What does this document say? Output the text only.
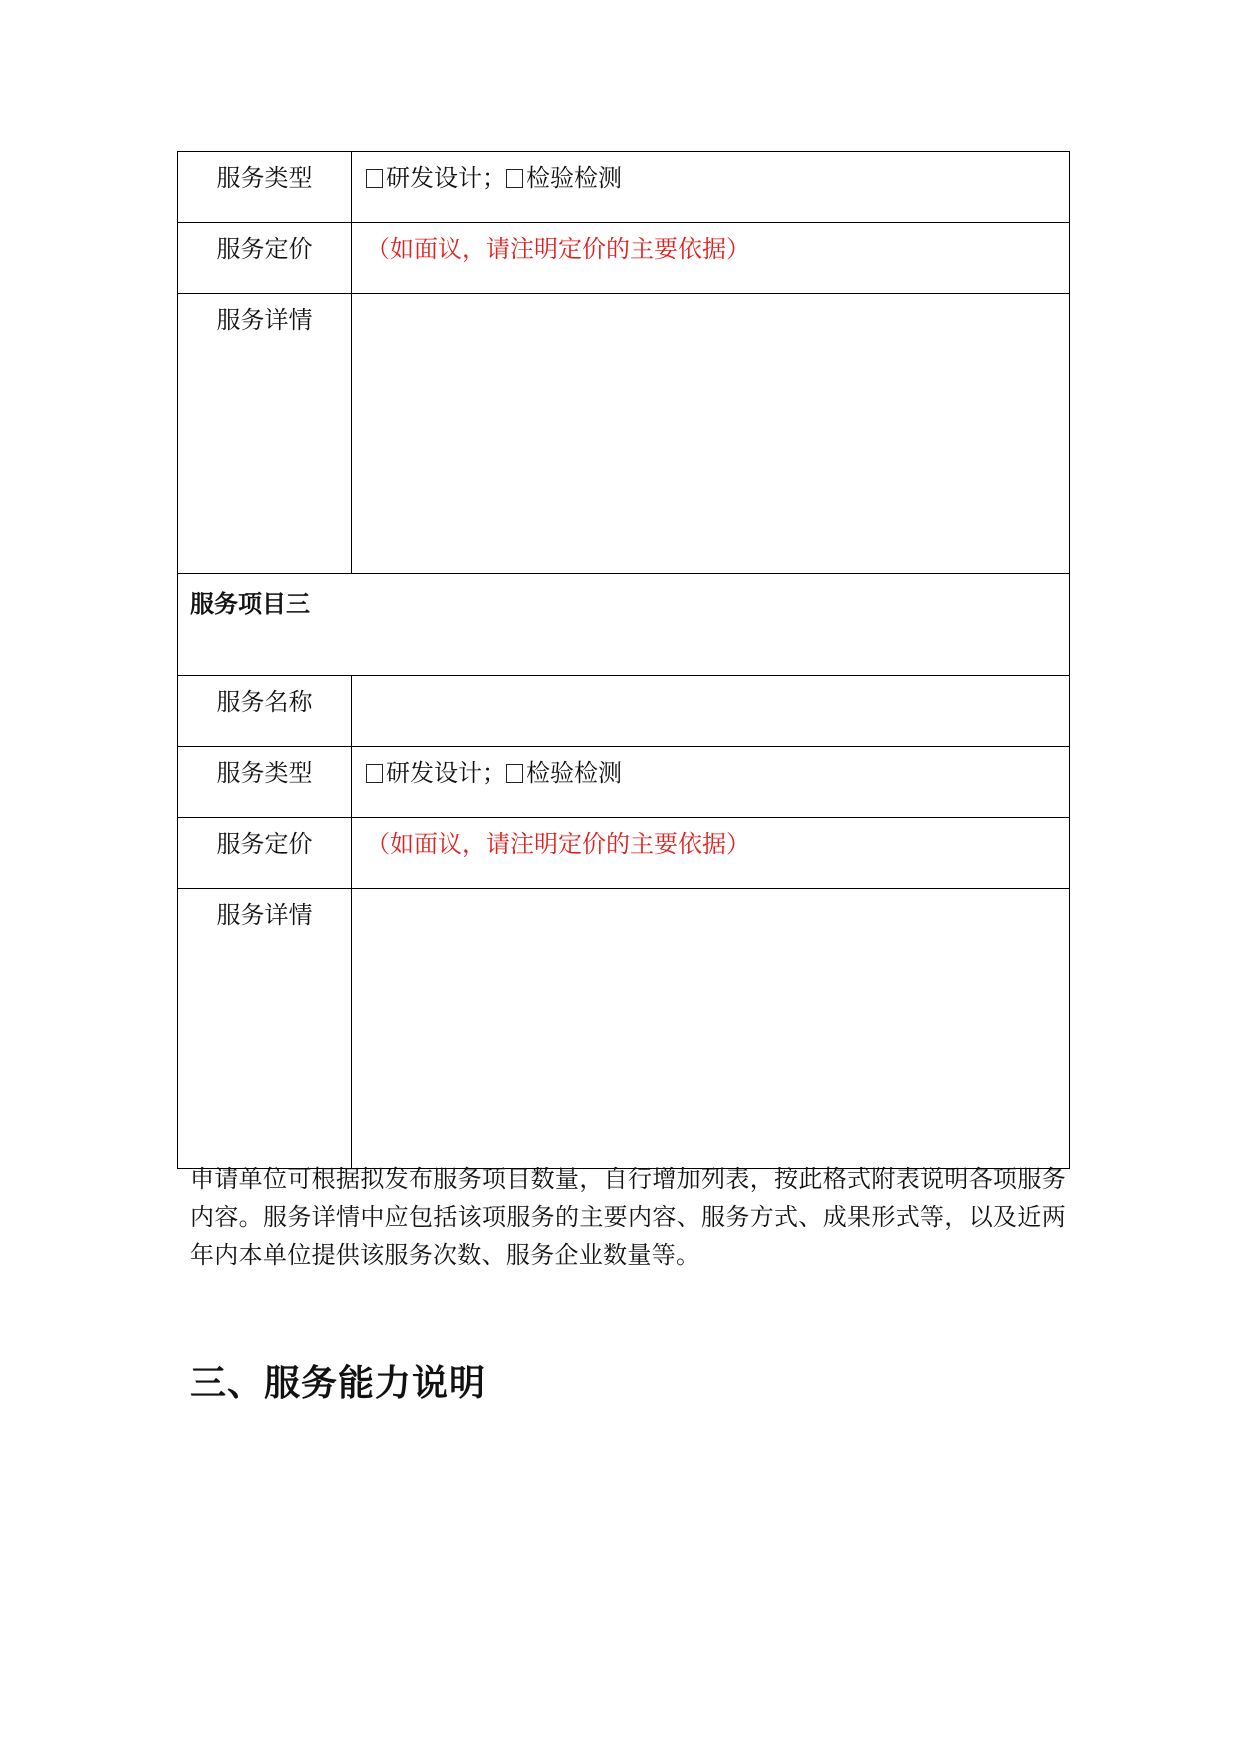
服务类型	研发设计； 检验检测
服务定价	（如面议，请注明定价的主要依据）
服务详情	
服务项目三	
服务名称	
服务类型	研发设计； 检验检测
服务定价	（如面议，请注明定价的主要依据）
服务详情	

申请单位可根据拟发布服务项目数量，自行增加列表，按此格式附表说明各项服务内容。服务详情中应包括该项服务的主要内容、服务方式、成果形式等，以及近两年内本单位提供该服务次数、服务企业数量等。

三、服务能力说明
